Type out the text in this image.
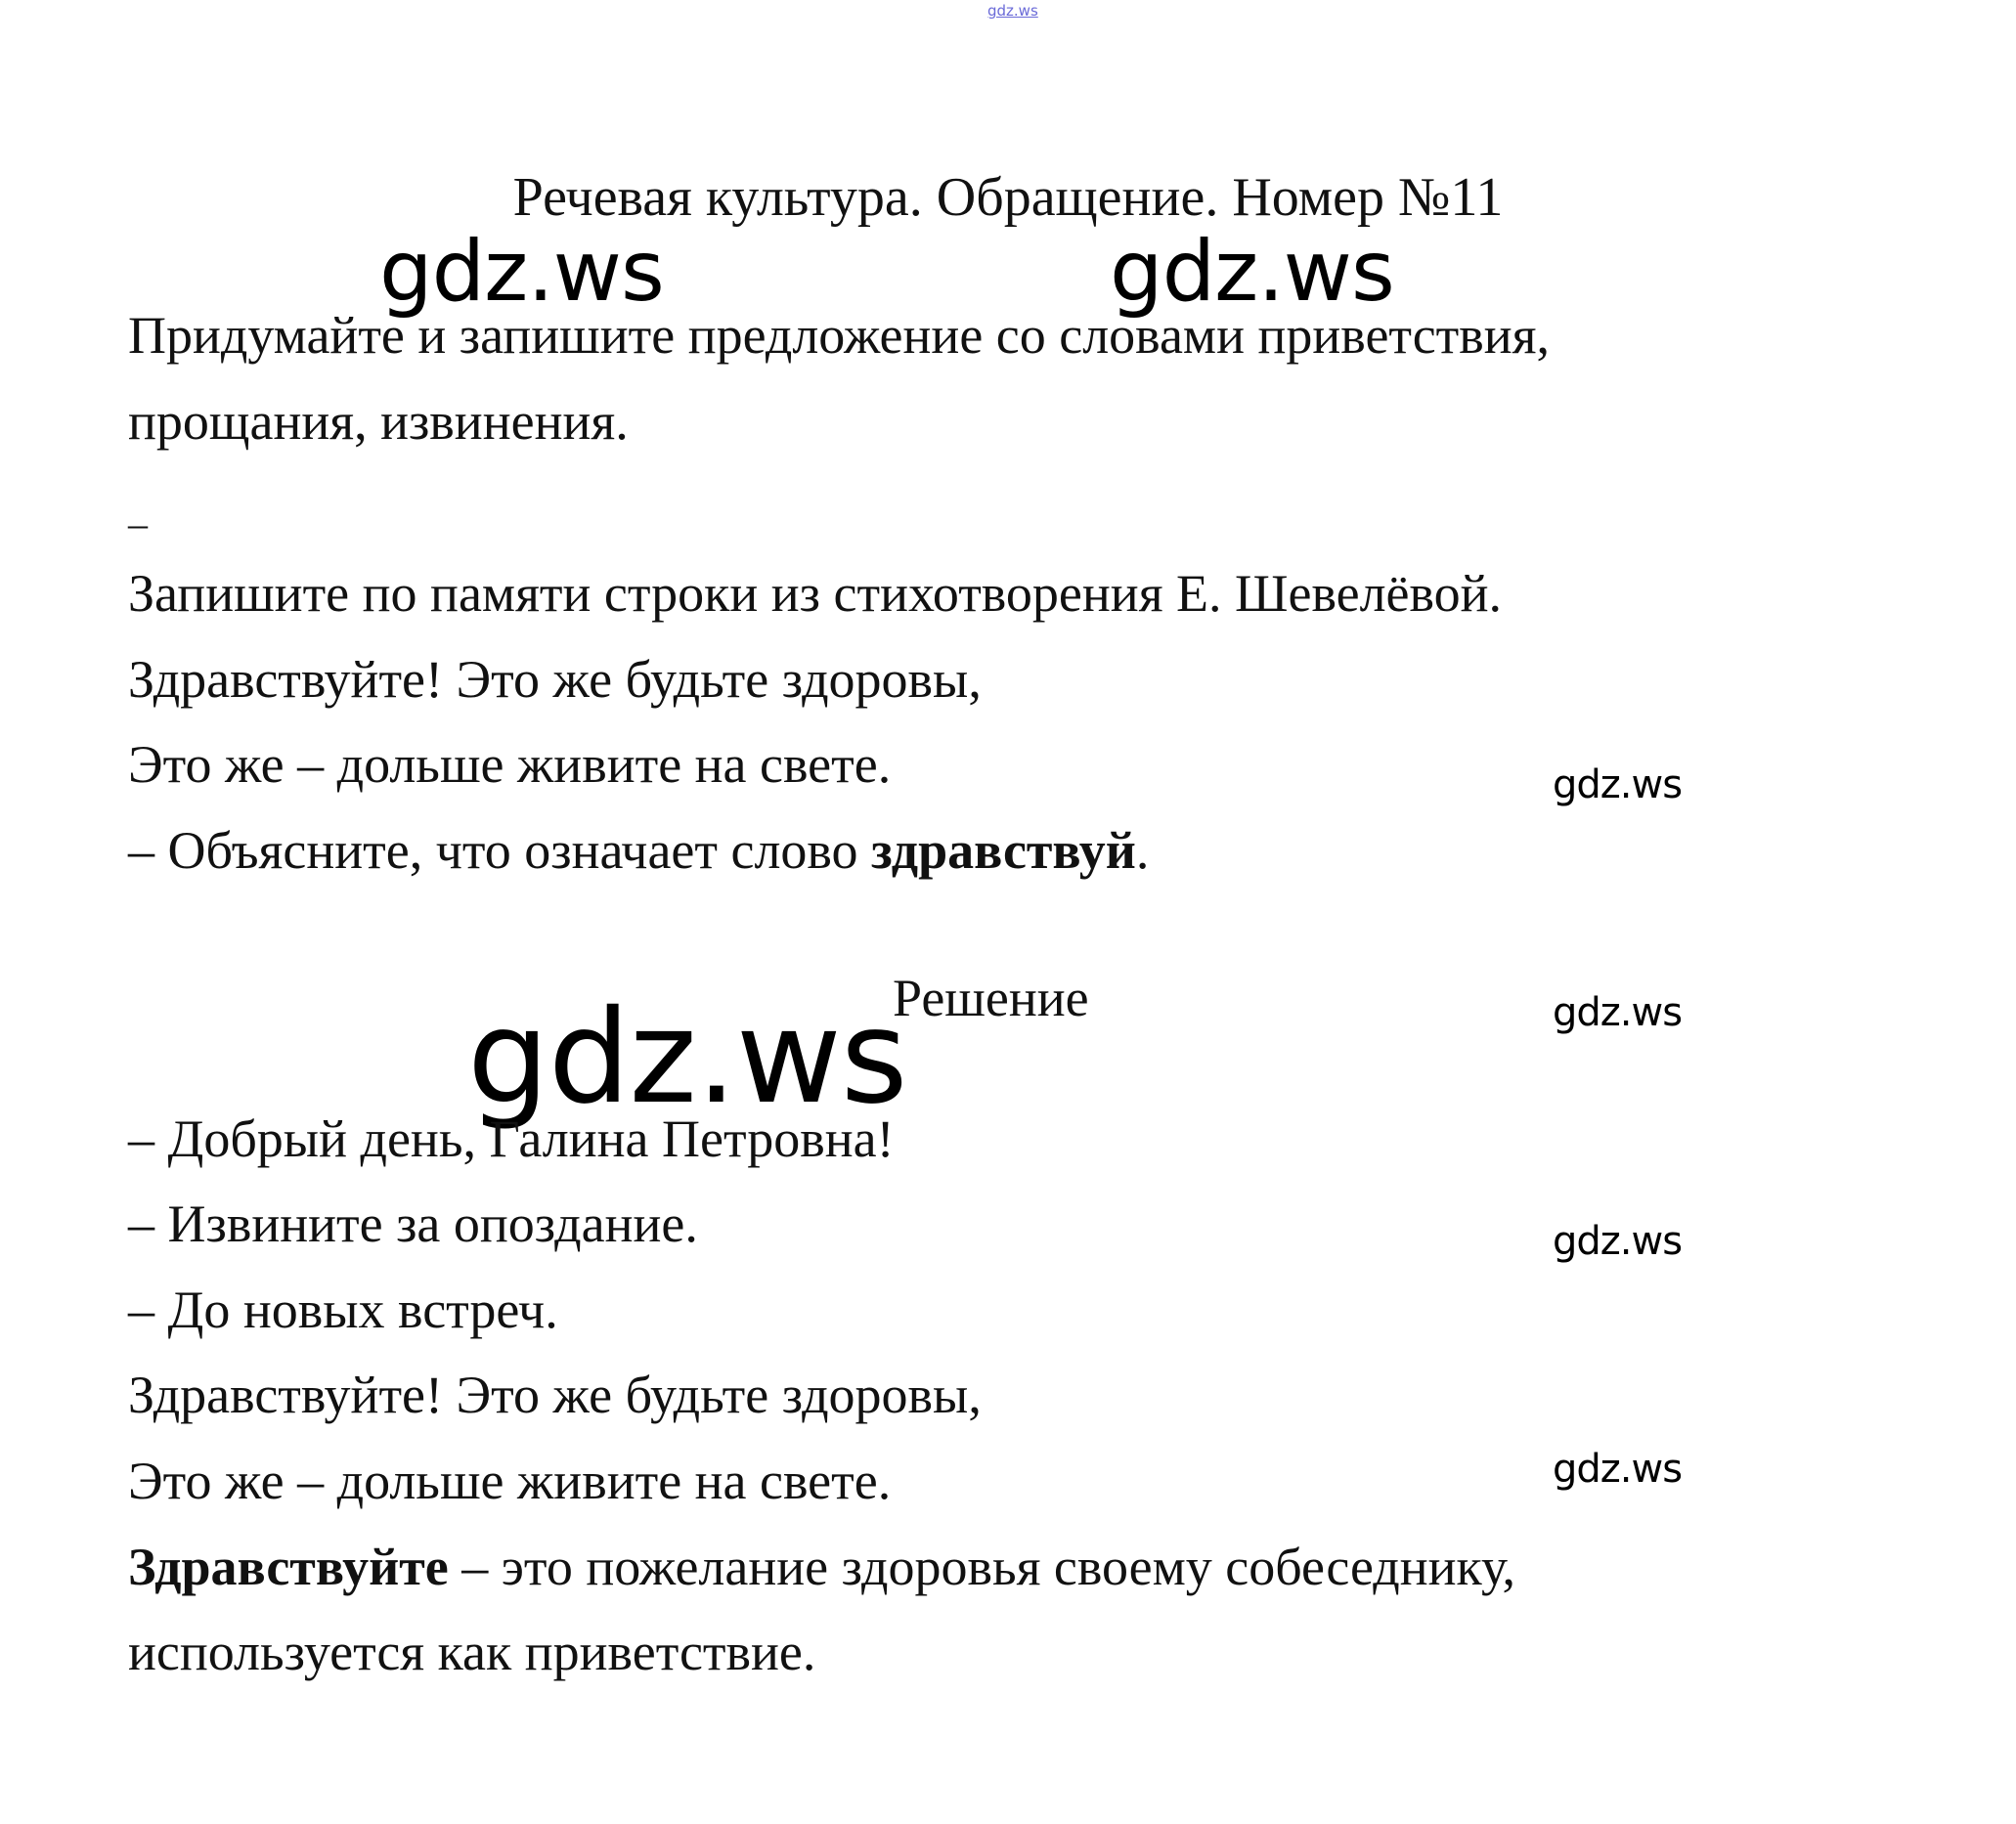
gdz.ws
Речевая культура. Обращение. Номер №11
gdz.ws	gdz.ws
Придумайте и запишите предложение со словами приветствия,
прощания, извинения.
–
Запишите по памяти строки из стихотворения Е. Шевелёвой.
Здравствуйте! Это же будьте здоровы,
Это же – дольше живите на свете.
– Объясните, что означает слово здравствуй.
gdz.ws
gdz.ws
gdz.ws
gdz.ws
Решение
gdz.ws
– Добрый день, Галина Петровна!
– Извините за опоздание.
– До новых встреч.
Здравствуйте! Это же будьте здоровы,
Это же – дольше живите на свете.
Здравствуйте – это пожелание здоровья своему собеседнику,
используется как приветствие.
